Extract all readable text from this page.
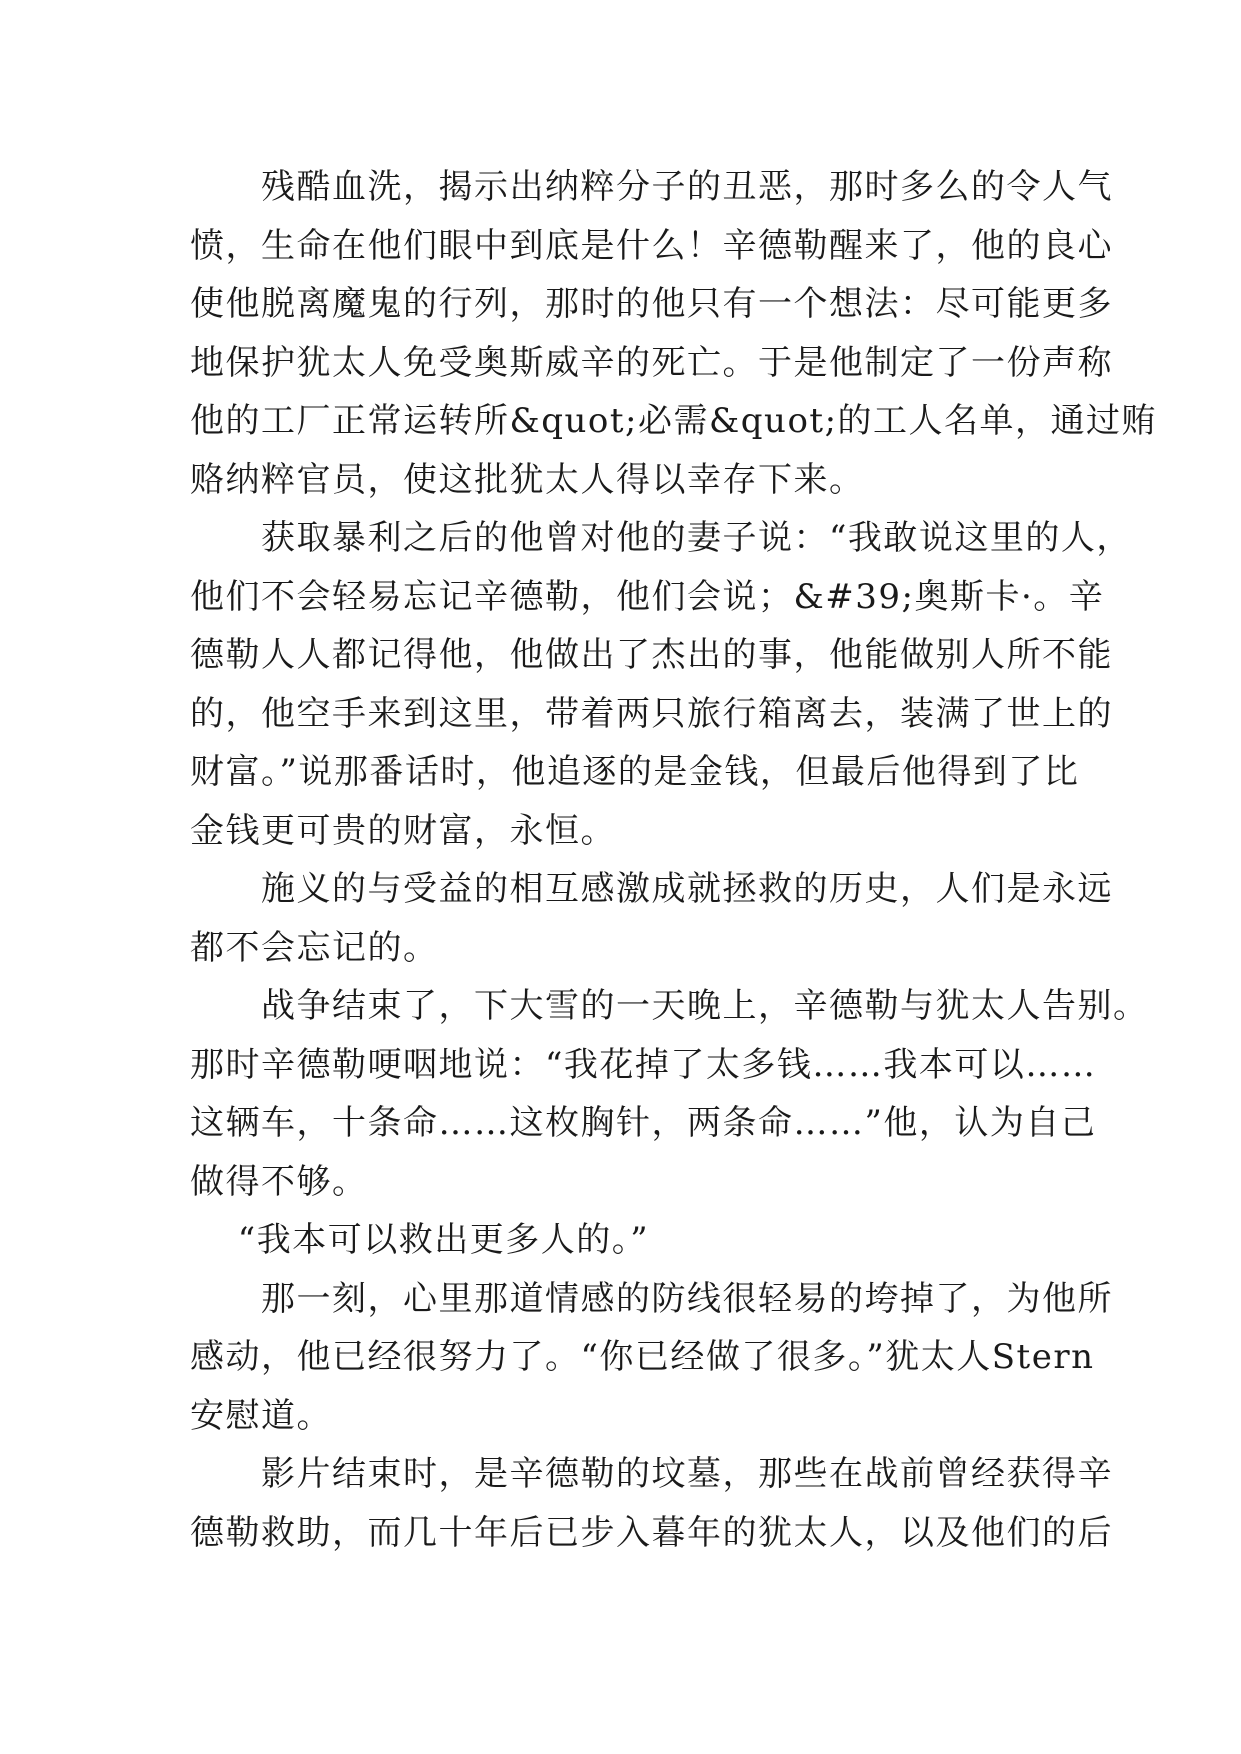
　　残酷血洗，揭示出纳粹分子的丑恶，那时多么的令人气
愤，生命在他们眼中到底是什么！辛德勒醒来了，他的良心
使他脱离魔鬼的行列，那时的他只有一个想法：尽可能更多
地保护犹太人免受奥斯威辛的死亡。于是他制定了一份声称
他的工厂正常运转所&quot;必需&quot;的工人名单，通过贿
赂纳粹官员，使这批犹太人得以幸存下来。
　　获取暴利之后的他曾对他的妻子说：“我敢说这里的人，
他们不会轻易忘记辛德勒，他们会说；&#39;奥斯卡·。辛
德勒人人都记得他，他做出了杰出的事，他能做别人所不能
的，他空手来到这里，带着两只旅行箱离去，装满了世上的
财富。”说那番话时，他追逐的是金钱，但最后他得到了比
金钱更可贵的财富，永恒。
　　施义的与受益的相互感激成就拯救的历史，人们是永远
都不会忘记的。
　　战争结束了，下大雪的一天晚上，辛德勒与犹太人告别。
那时辛德勒哽咽地说：“我花掉了太多钱……我本可以……
这辆车，十条命……这枚胸针，两条命……”他，认为自己
做得不够。
　 “我本可以救出更多人的。”
　　那一刻，心里那道情感的防线很轻易的垮掉了，为他所
感动，他已经很努力了。“你已经做了很多。”犹太人Stern
安慰道。
　　影片结束时，是辛德勒的坟墓，那些在战前曾经获得辛
德勒救助，而几十年后已步入暮年的犹太人，以及他们的后
